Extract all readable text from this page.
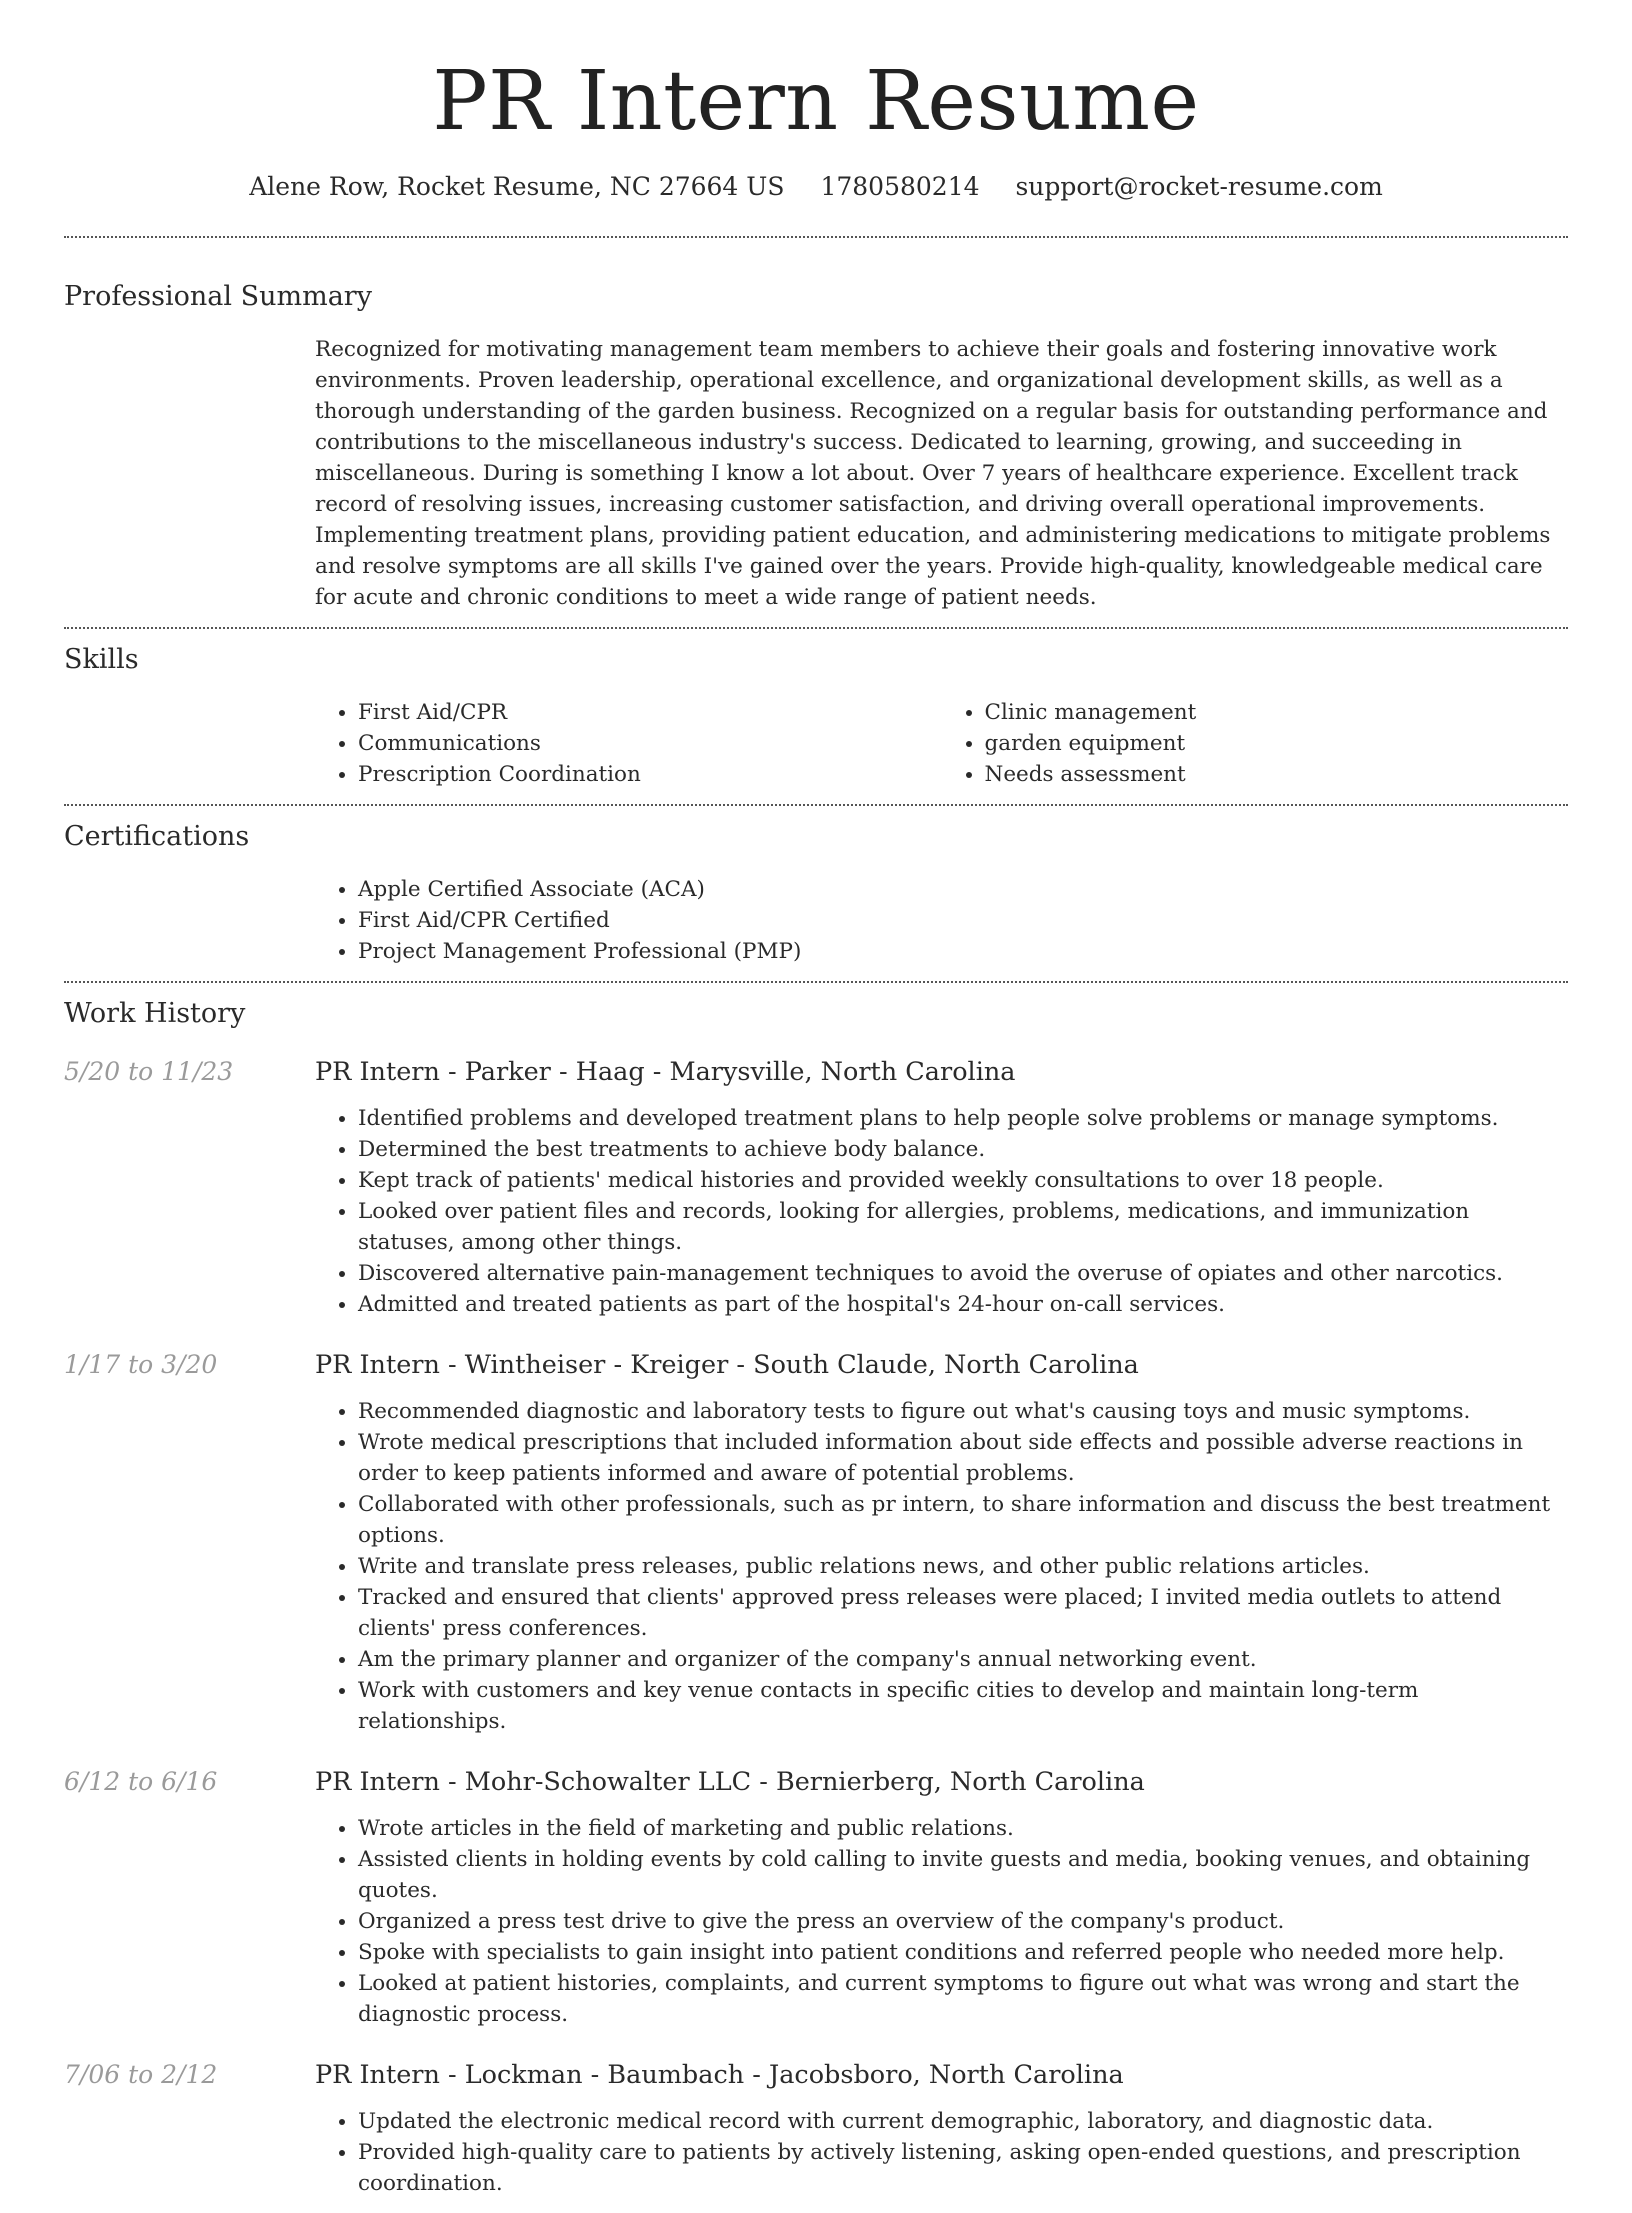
PR Intern Resume
Alene Row, Rocket Resume, NC 27664 US 1780580214 support@rocket-resume.com
Professional Summary

Recognized for motivating management team members to achieve their goals and fostering innovative work environments. Proven leadership, operational excellence, and organizational development skills, as well as a thorough understanding of the garden business. Recognized on a regular basis for outstanding performance and contributions to the miscellaneous industry's success. Dedicated to learning, growing, and succeeding in miscellaneous. During is something I know a lot about. Over 7 years of healthcare experience. Excellent track record of resolving issues, increasing customer satisfaction, and driving overall operational improvements. Implementing treatment plans, providing patient education, and administering medications to mitigate problems and resolve symptoms are all skills I've gained over the years. Provide high-quality, knowledgeable medical care for acute and chronic conditions to meet a wide range of patient needs.

Skills
• First Aid/CPR
• Communications
• Prescription Coordination
• Clinic management
• garden equipment
• Needs assessment
Certifications
• Apple Certified Associate (ACA)
• First Aid/CPR Certified
• Project Management Professional (PMP)
Work History
5/20 to 11/23	PR Intern - Parker - Haag - Marysville, North Carolina
• Identified problems and developed treatment plans to help people solve problems or manage symptoms.
• Determined the best treatments to achieve body balance.
• Kept track of patients' medical histories and provided weekly consultations to over 18 people.
• Looked over patient files and records, looking for allergies, problems, medications, and immunization statuses, among other things.
• Discovered alternative pain-management techniques to avoid the overuse of opiates and other narcotics.
• Admitted and treated patients as part of the hospital's 24-hour on-call services.
1/17 to 3/20	PR Intern - Wintheiser - Kreiger - South Claude, North Carolina
• Recommended diagnostic and laboratory tests to figure out what's causing toys and music symptoms.
• Wrote medical prescriptions that included information about side effects and possible adverse reactions in order to keep patients informed and aware of potential problems.
• Collaborated with other professionals, such as pr intern, to share information and discuss the best treatment options.
• Write and translate press releases, public relations news, and other public relations articles.
• Tracked and ensured that clients' approved press releases were placed; I invited media outlets to attend clients' press conferences.
• Am the primary planner and organizer of the company's annual networking event.
• Work with customers and key venue contacts in specific cities to develop and maintain long-term relationships.
6/12 to 6/16	PR Intern - Mohr-Schowalter LLC - Bernierberg, North Carolina
• Wrote articles in the field of marketing and public relations.
• Assisted clients in holding events by cold calling to invite guests and media, booking venues, and obtaining quotes.
• Organized a press test drive to give the press an overview of the company's product.
• Spoke with specialists to gain insight into patient conditions and referred people who needed more help.
• Looked at patient histories, complaints, and current symptoms to figure out what was wrong and start the diagnostic process.
7/06 to 2/12	PR Intern - Lockman - Baumbach - Jacobsboro, North Carolina
• Updated the electronic medical record with current demographic, laboratory, and diagnostic data.
• Provided high-quality care to patients by actively listening, asking open-ended questions, and prescription coordination.
